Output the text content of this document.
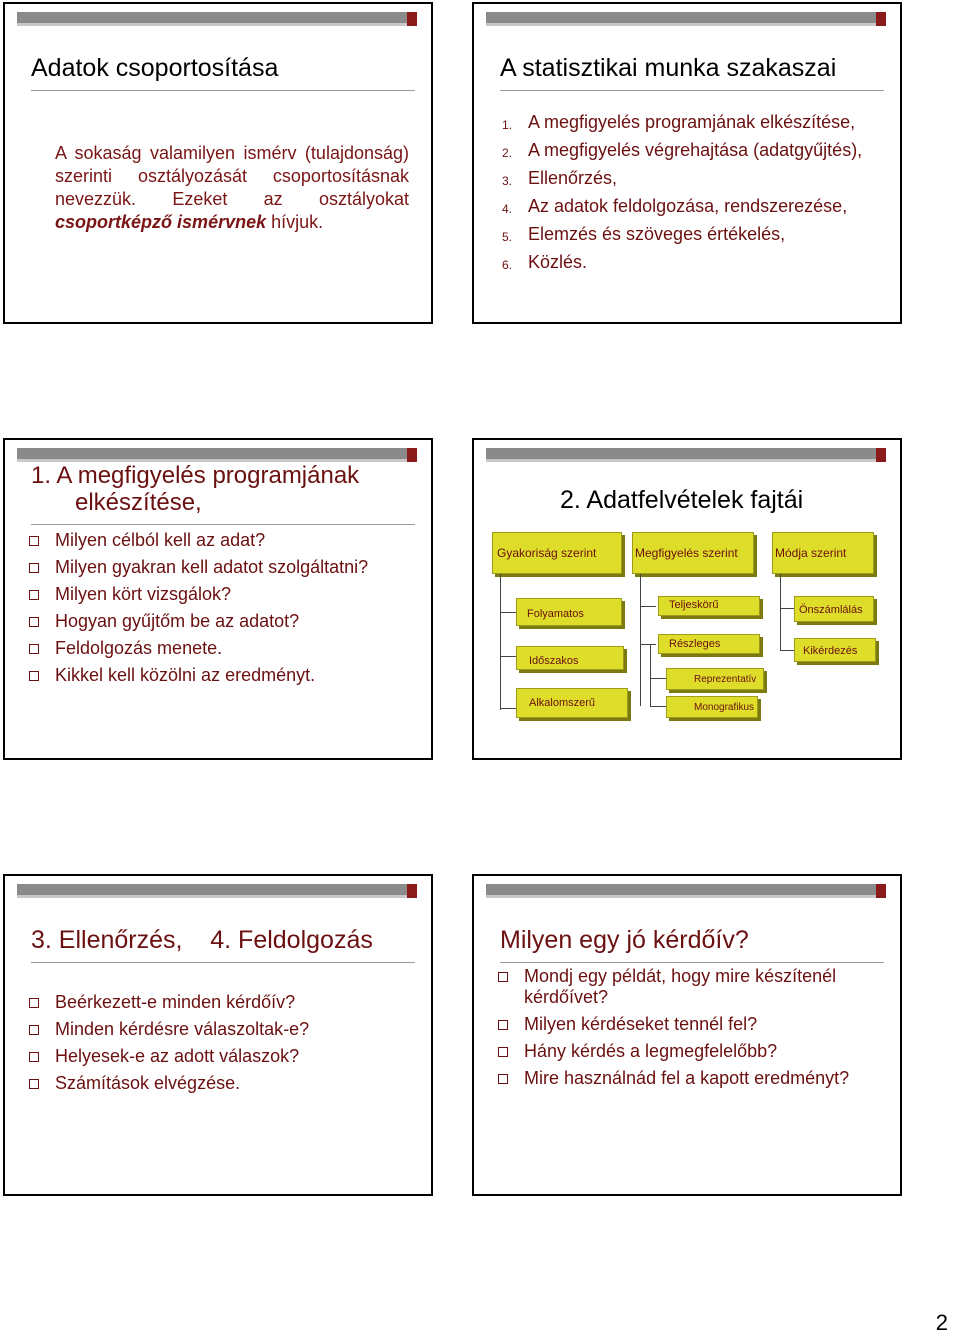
Adatok csoportosítása
A sokaság valamilyen ismérv (tulajdonság) szerinti osztályozását csoportosításnak nevezzük. Ezeket az osztályokat csoportképző ismérvnek hívjuk.
A statisztikai munka szakaszai
1. A megfigyelés programjának elkészítése,
2. A megfigyelés végrehajtása (adatgyűjtés),
3. Ellenőrzés,
4. Az adatok feldolgozása, rendszerezése,
5. Elemzés és szöveges értékelés,
6. Közlés.
1. A megfigyelés programjának
elkészítése,
Milyen célból kell az adat?
Milyen gyakran kell adatot szolgáltatni?
Milyen kört vizsgálok?
Hogyan gyűjtőm be az adatot?
Feldolgozás menete.
Kikkel kell közölni az eredményt.
2. Adatfelvételek fajtái
Gyakoriság szerint	Megfigyelés szerint	Módja szerint
Folyamatos
Időszakos
Alkalomszerű
Teljeskörű
Részleges
Reprezentatív
Monografikus
Önszámlálás
Kikérdezés
3. Ellenőrzés,    4. Feldolgozás
Beérkezett-e minden kérdőív?
Minden kérdésre válaszoltak-e?
Helyesek-e az adott válaszok?
Számítások elvégzése.
Milyen egy jó kérdőív?
Mondj egy példát, hogy mire készítenél kérdőívet?
Milyen kérdéseket tennél fel?
Hány kérdés a legmegfelelőbb?
Mire használnád fel a kapott eredményt?
2
